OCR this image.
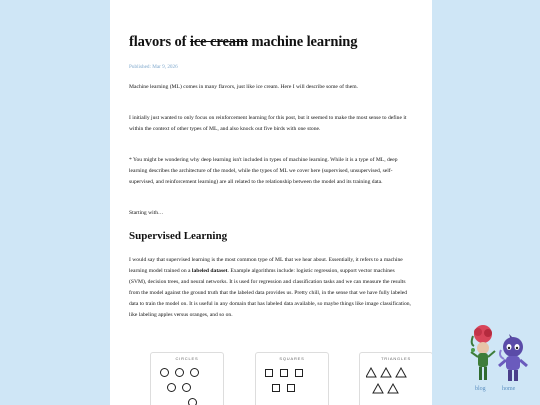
flavors of ice cream machine learning
Published: Mar 9, 2026

Machine learning (ML) comes in many flavors, just like ice cream. Here I will describe some of them.

I initially just wanted to only focus on reinforcement learning for this post, but it seemed to make the most sense to define it within the context of other types of ML, and also knock out five birds with one stone.

* You might be wondering why deep learning isn't included in types of machine learning. While it is a type of ML, deep learning describes the architecture of the model, while the types of ML we cover here (supervised, unsupervised, self-supervised, and reinforcement learning) are all related to the relationship between the model and its training data.

Starting with…

Supervised Learning

I would say that supervised learning is the most common type of ML that we hear about. Essentially, it refers to a machine learning model trained on a labeled dataset. Example algorithms include: logistic regression, support vector machines (SVM), decision trees, and neural networks. It is used for regression and classification tasks and we can measure the results from the model against the ground truth that the labeled data provides us. Pretty chill, in the sense that we have fully labeled data to train the model on. It is useful in any domain that has labeled data available, so maybe things like image classification, like labeling apples versus oranges, and so on.

CIRCLES	SQUARES	TRIANGLES
blog	home
